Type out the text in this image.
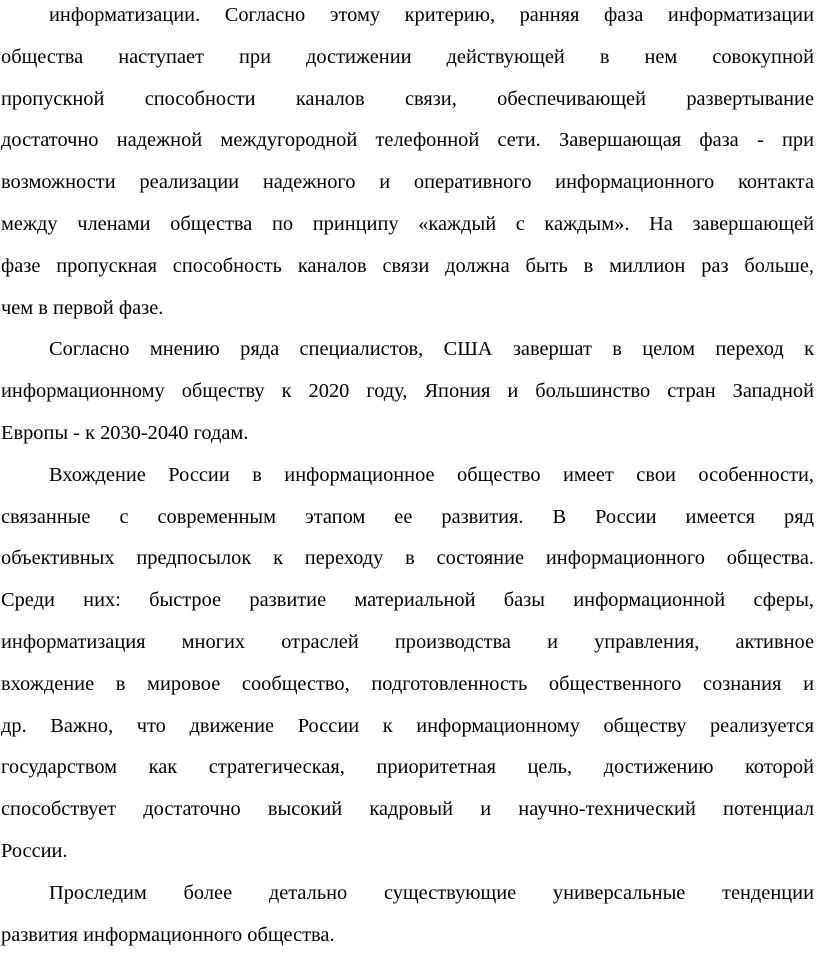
информатизации. Согласно этому критерию, ранняя фаза информатизации
общества наступает при достижении действующей в нем совокупной
пропускной способности каналов связи, обеспечивающей развертывание
достаточно надежной междугородной телефонной сети. Завершающая фаза - при
возможности реализации надежного и оперативного информационного контакта
между членами общества по принципу «каждый с каждым». На завершающей
фазе пропускная способность каналов связи должна быть в миллион раз больше,
чем в первой фазе.
Согласно мнению ряда специалистов, США завершат в целом переход к
информационному обществу к 2020 году, Япония и большинство стран Западной
Европы - к 2030-2040 годам.
Вхождение России в информационное общество имеет свои особенности,
связанные с современным этапом ее развития. В России имеется ряд
объективных предпосылок к переходу в состояние информационного общества.
Среди них: быстрое развитие материальной базы информационной сферы,
информатизация многих отраслей производства и управления, активное
вхождение в мировое сообщество, подготовленность общественного сознания и
др. Важно, что движение России к информационному обществу реализуется
государством как стратегическая, приоритетная цель, достижению которой
способствует достаточно высокий кадровый и научно-технический потенциал
России.
Проследим более детально существующие универсальные тенденции
развития информационного общества.
